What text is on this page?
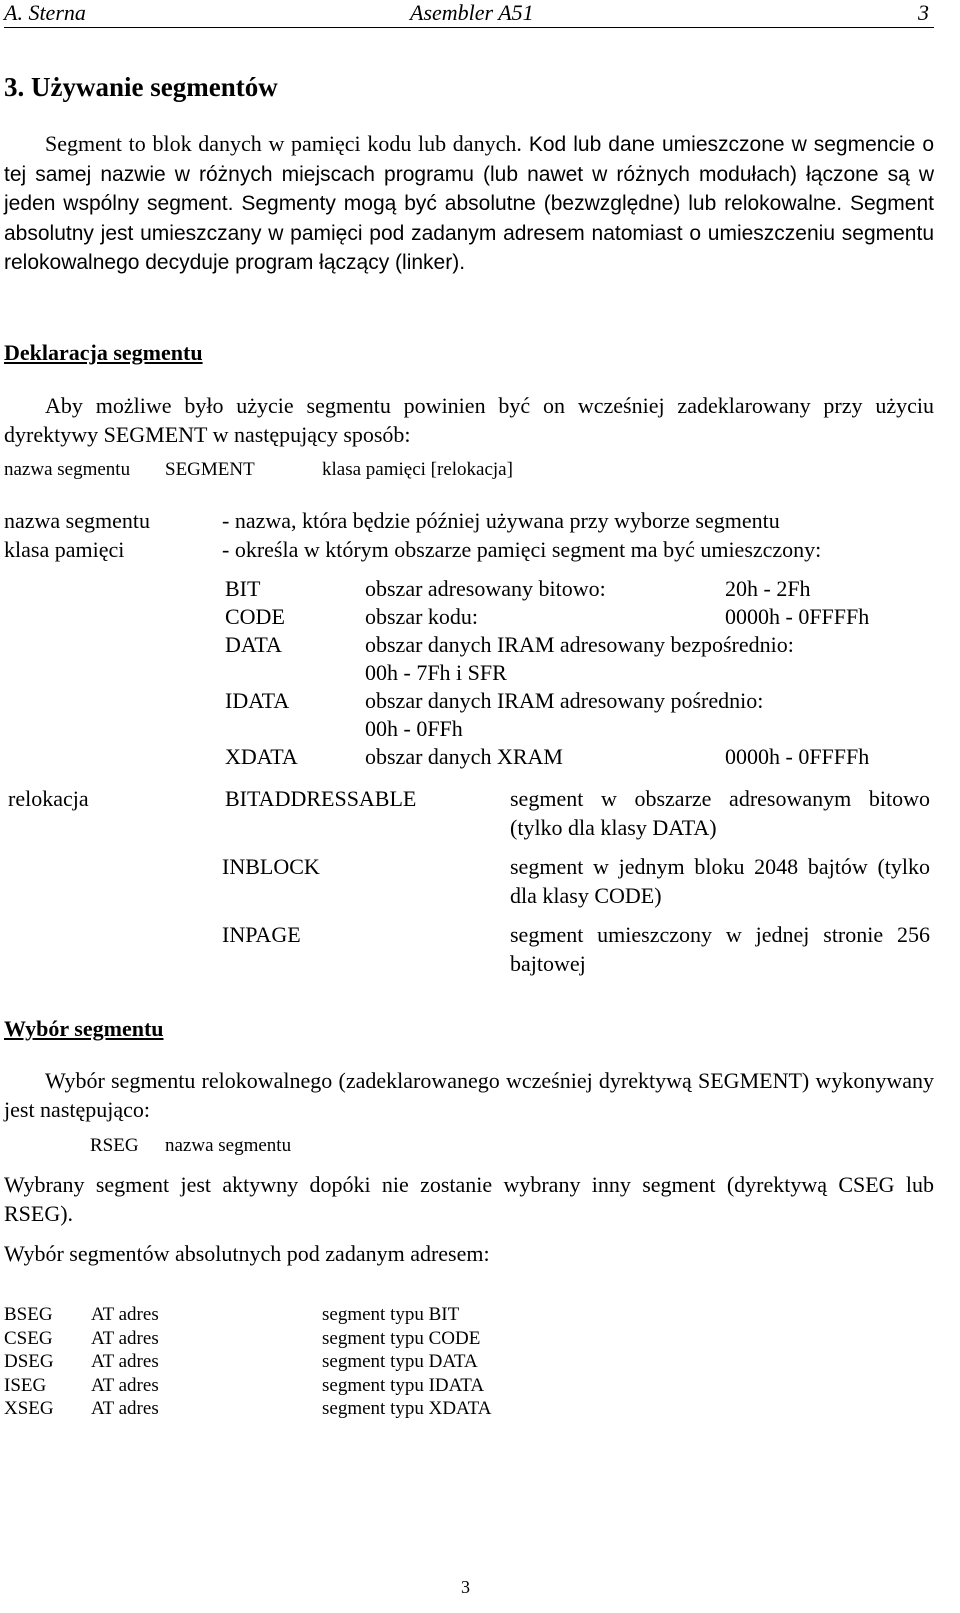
A. Sterna	Asembler A51	3
3. Używanie segmentów
Segment to blok danych w pamięci kodu lub danych. Kod lub dane umieszczone w segmencie o tej samej nazwie w różnych miejscach programu (lub nawet w różnych modułach) łączone są w jeden wspólny segment. Segmenty mogą być absolutne (bezwzględne) lub relokowalne. Segment absolutny jest umieszczany w pamięci pod zadanym adresem natomiast o umieszczeniu segmentu relokowalnego decyduje program łączący (linker).
Deklaracja segmentu
Aby możliwe było użycie segmentu powinien być on wcześniej zadeklarowany przy użyciu dyrektywy SEGMENT w następujący sposób:
nazwa segmentu SEGMENT	klasa pamięci [relokacja]
nazwa segmentu	- nazwa, która będzie później używana przy wyborze segmentu
klasa pamięci	- określa w którym obszarze pamięci segment ma być umieszczony:
BIT	obszar adresowany bitowo:	20h - 2Fh
CODE	obszar kodu:	0000h - 0FFFFh
DATA	obszar danych IRAM adresowany bezpośrednio:
00h - 7Fh i SFR
IDATA	obszar danych IRAM adresowany pośrednio:
00h - 0FFh
XDATA	obszar danych XRAM	0000h - 0FFFFh
relokacja	BITADDRESSABLE	segment w obszarze adresowanym bitowo (tylko dla klasy DATA)
INBLOCK	segment w jednym bloku 2048 bajtów (tylko dla klasy CODE)
INPAGE	segment umieszczony w jednej stronie 256 bajtowej
Wybór segmentu
Wybór segmentu relokowalnego (zadeklarowanego wcześniej dyrektywą SEGMENT) wykonywany jest następująco:
RSEG nazwa segmentu
Wybrany segment jest aktywny dopóki nie zostanie wybrany inny segment (dyrektywą CSEG lub RSEG).
Wybór segmentów absolutnych pod zadanym adresem:
BSEG AT adres	segment typu BIT
CSEG AT adres	segment typu CODE
DSEG AT adres	segment typu DATA
ISEG AT adres	segment typu IDATA
XSEG AT adres	segment typu XDATA
3
